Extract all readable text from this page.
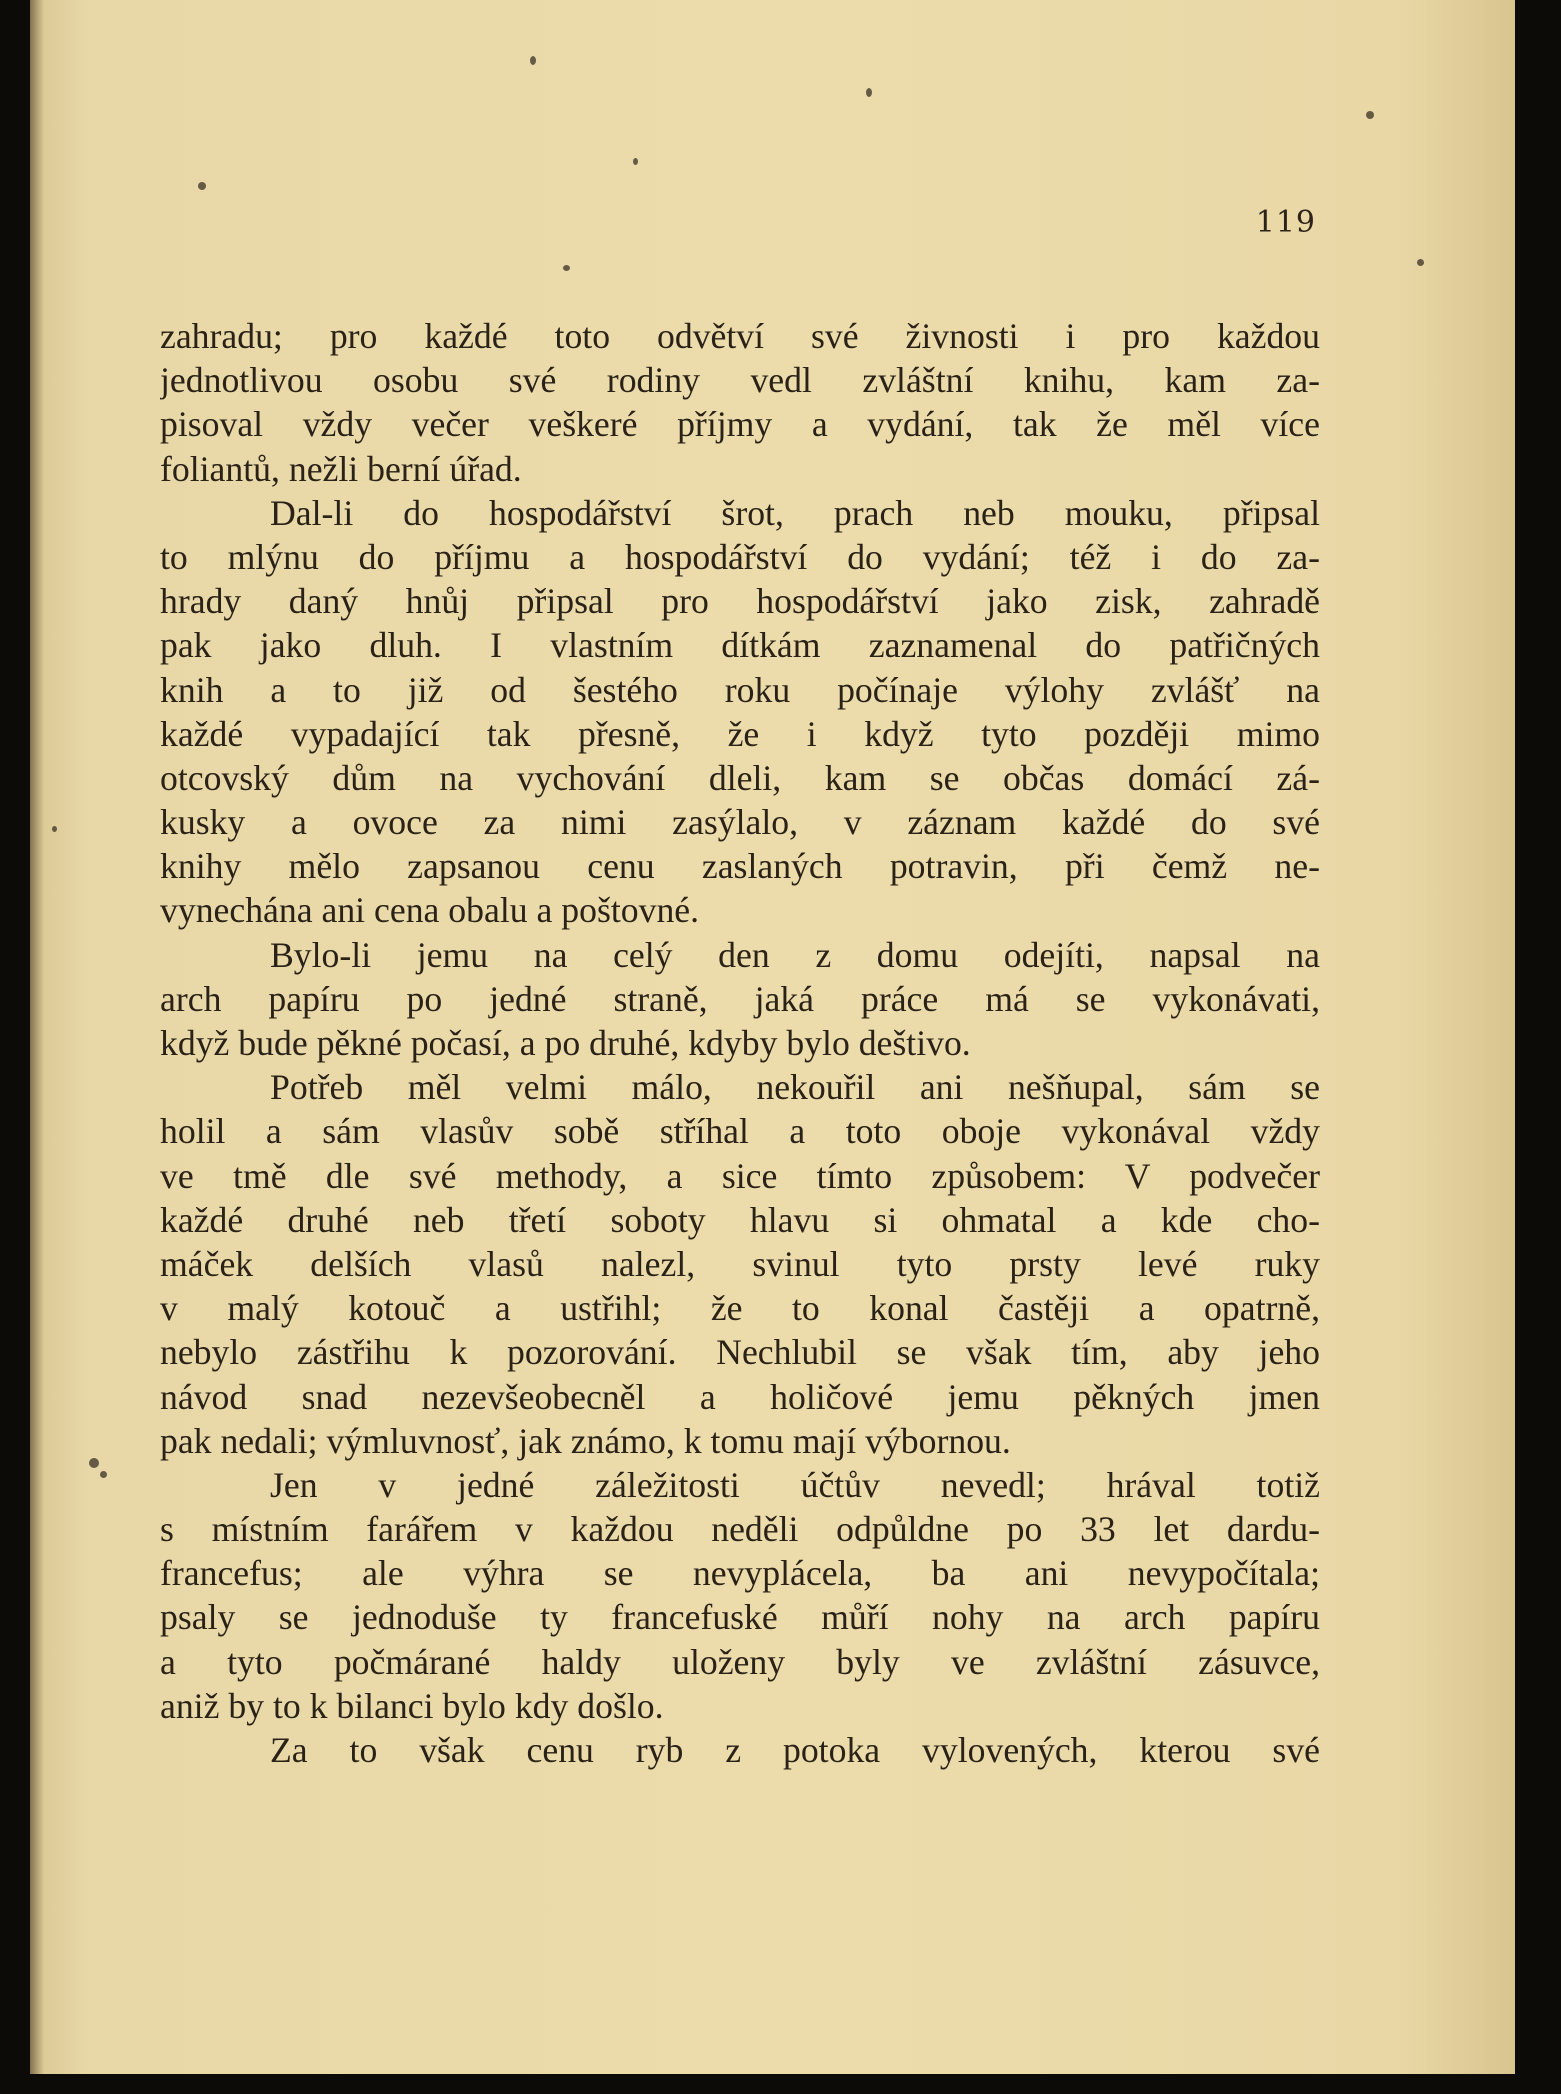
119
zahradu; pro každé toto odvětví své živnosti i pro každou
jednotlivou osobu své rodiny vedl zvláštní knihu, kam za-
pisoval vždy večer veškeré příjmy a vydání, tak že měl více
foliantů, nežli berní úřad.
Dal-li do hospodářství šrot, prach neb mouku, připsal
to mlýnu do příjmu a hospodářství do vydání; též i do za-
hrady daný hnůj připsal pro hospodářství jako zisk, zahradě
pak jako dluh. I vlastním dítkám zaznamenal do patřičných
knih a to již od šestého roku počínaje výlohy zvlášť na
každé vypadající tak přesně, že i když tyto později mimo
otcovský dům na vychování dleli, kam se občas domácí zá-
kusky a ovoce za nimi zasýlalo, v záznam každé do své
knihy mělo zapsanou cenu zaslaných potravin, při čemž ne-
vynechána ani cena obalu a poštovné.
Bylo-li jemu na celý den z domu odejíti, napsal na
arch papíru po jedné straně, jaká práce má se vykonávati,
když bude pěkné počasí, a po druhé, kdyby bylo deštivo.
Potřeb měl velmi málo, nekouřil ani nešňupal, sám se
holil a sám vlasův sobě stříhal a toto oboje vykonával vždy
ve tmě dle své methody, a sice tímto způsobem: V podvečer
každé druhé neb třetí soboty hlavu si ohmatal a kde cho-
máček delších vlasů nalezl, svinul tyto prsty levé ruky
v malý kotouč a ustřihl; že to konal častěji a opatrně,
nebylo zástřihu k pozorování. Nechlubil se však tím, aby jeho
návod snad nezevšeobecněl a holičové jemu pěkných jmen
pak nedali; výmluvnosť, jak známo, k tomu mají výbornou.
Jen v jedné záležitosti účtův nevedl; hrával totiž
s místním farářem v každou neděli odpůldne po 33 let dardu-
francefus; ale výhra se nevyplácela, ba ani nevypočítala;
psaly se jednoduše ty francefuské můří nohy na arch papíru
a tyto počmárané haldy uloženy byly ve zvláštní zásuvce,
aniž by to k bilanci bylo kdy došlo.
Za to však cenu ryb z potoka vylovených, kterou své
